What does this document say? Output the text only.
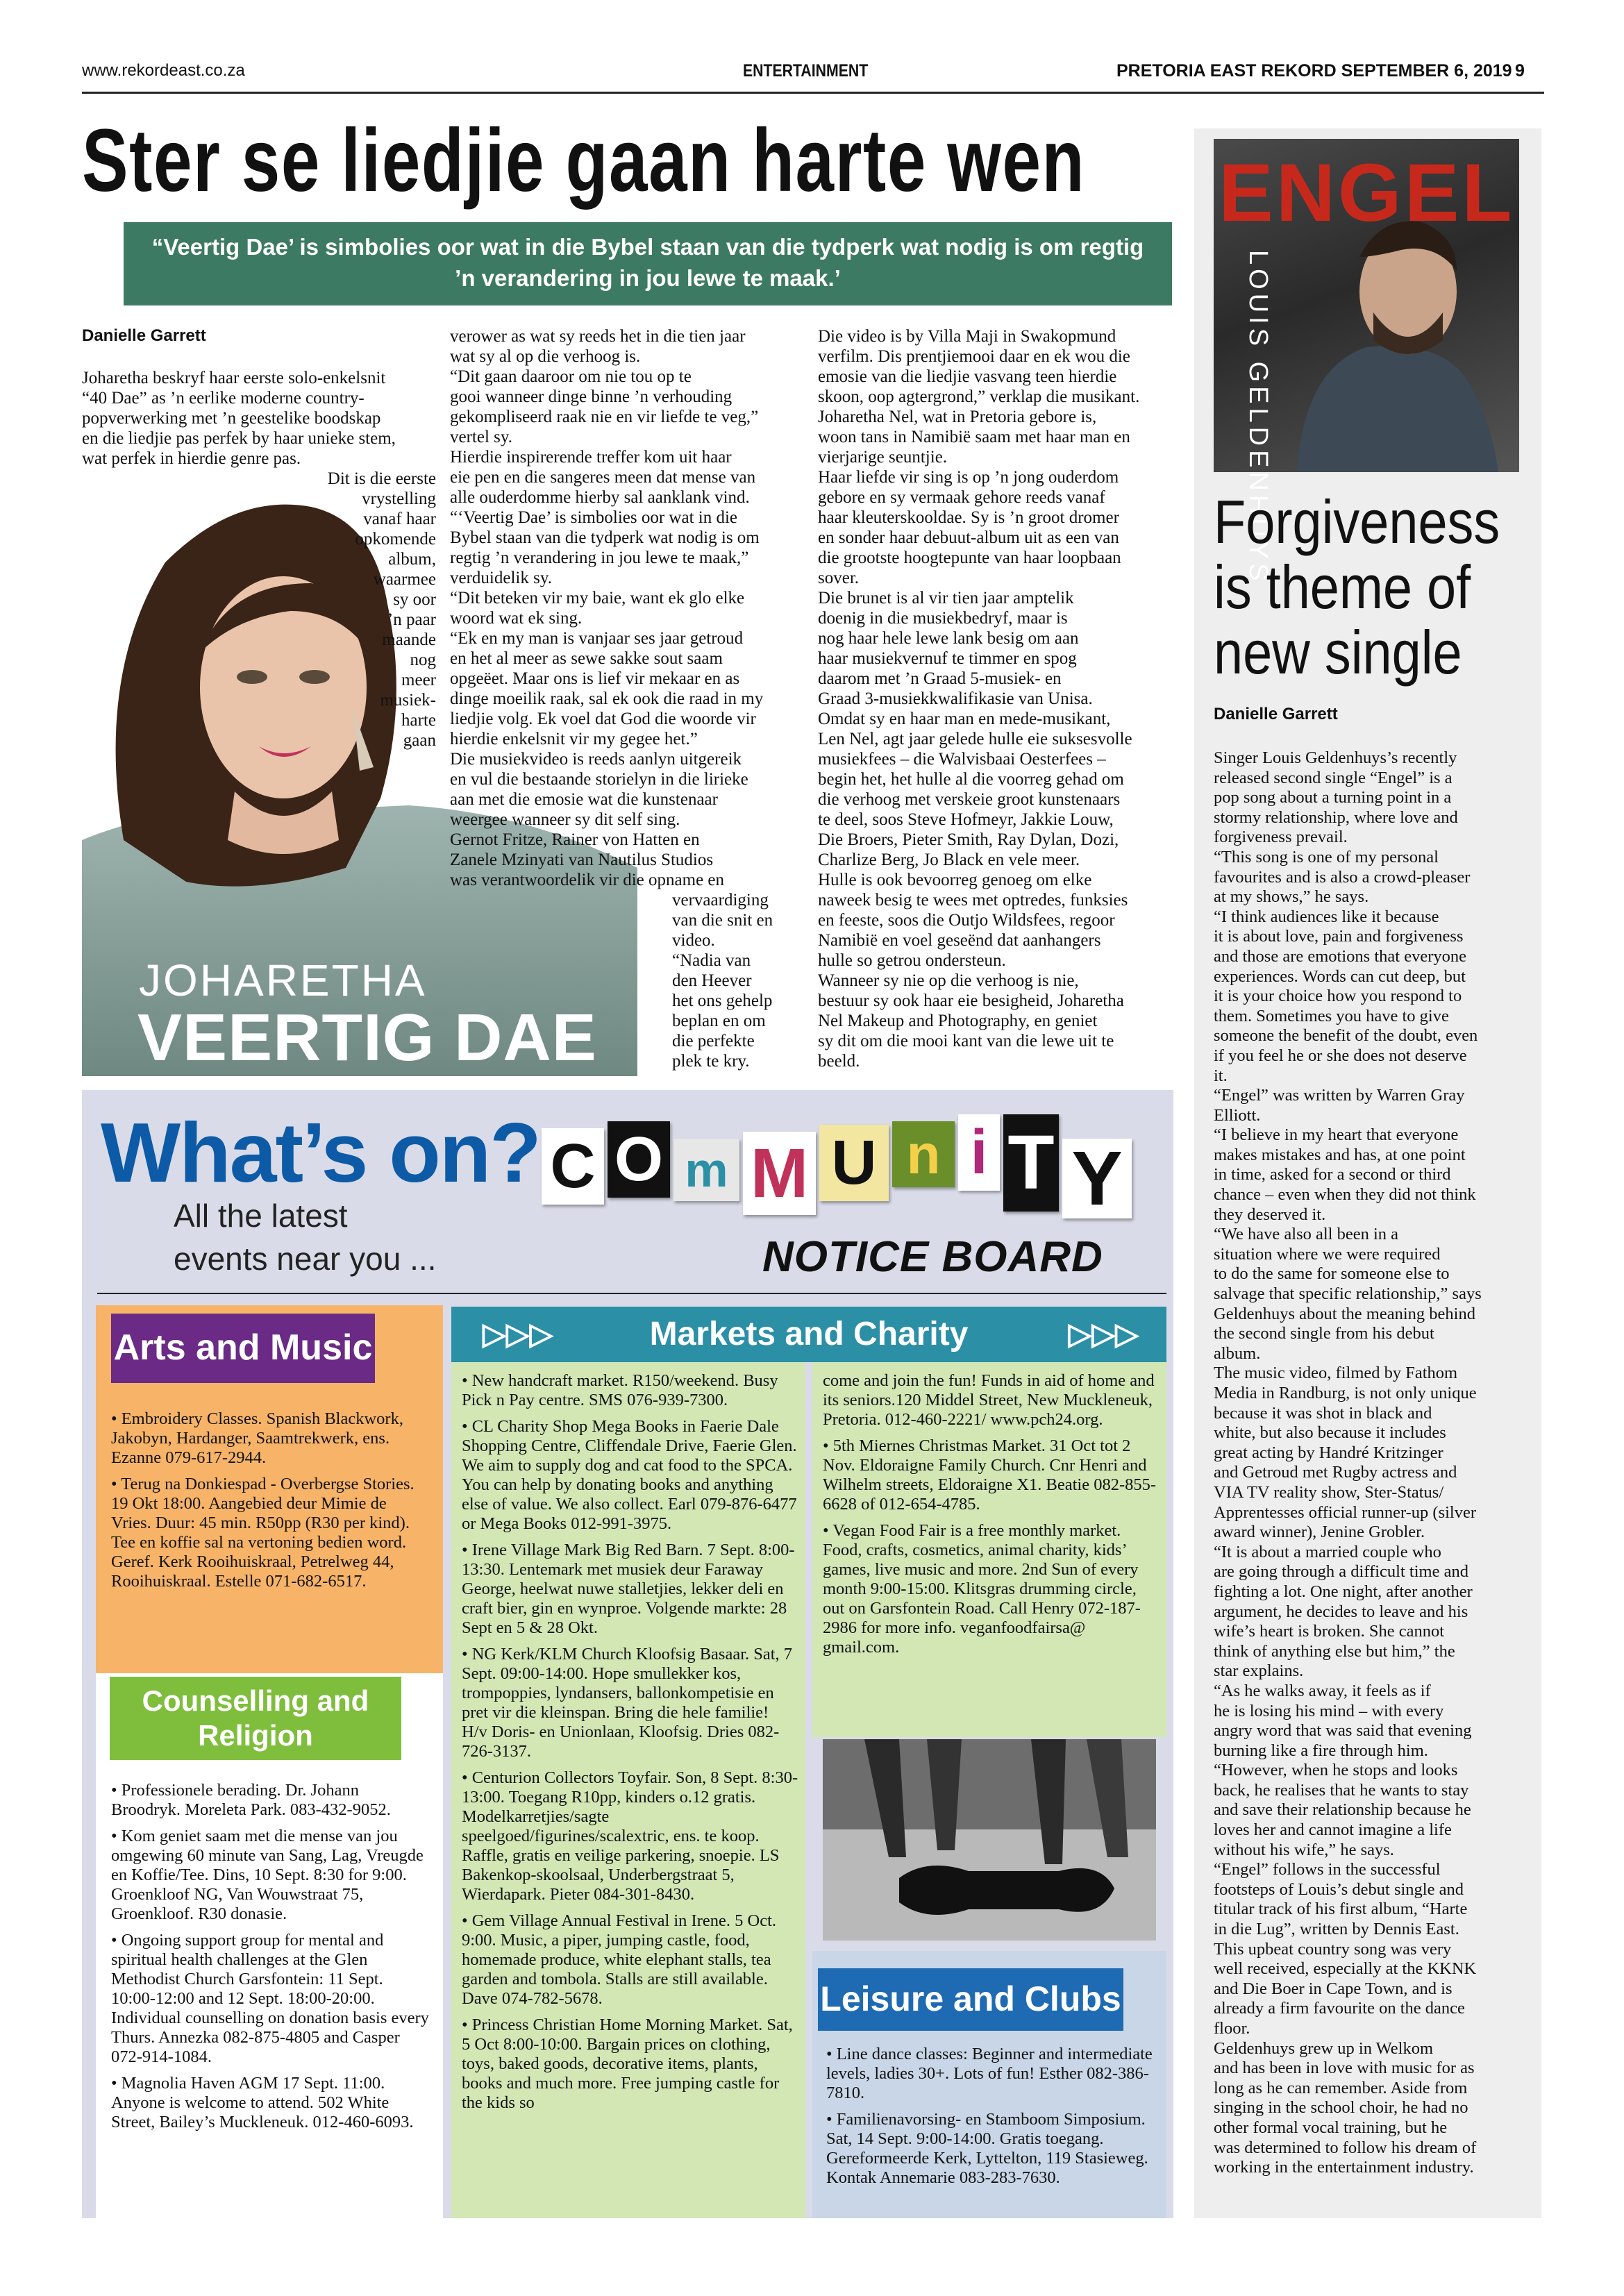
www.rekordeast.co.za	ENTERTAINMENT	PRETORIA EAST REKORD SEPTEMBER 6, 2019 9
Ster se liedjie gaan harte wen
“Veertig Dae’ is simbolies oor wat in die Bybel staan van die tydperk wat nodig is om regtig
’n verandering in jou lewe te maak.’
Danielle Garrett
JOHARETHA
VEERTIG DAE
Joharetha beskryf haar eerste solo-enkelsnit
“40 Dae” as ’n eerlike moderne country-
popverwerking met ’n geestelike boodskap
en die liedjie pas perfek by haar unieke stem,
wat perfek in hierdie genre pas.
Dit is die eerste
vrystelling
vanaf haar
opkomende
album,
waarmee
sy oor
’n paar
maande
nog
meer
musiek-
harte
gaan
verower as wat sy reeds het in die tien jaar
wat sy al op die verhoog is.
“Dit gaan daaroor om nie tou op te
gooi wanneer dinge binne ’n verhouding
gekompliseerd raak nie en vir liefde te veg,”
vertel sy.
Hierdie inspirerende treffer kom uit haar
eie pen en die sangeres meen dat mense van
alle ouderdomme hierby sal aanklank vind.
“‘Veertig Dae’ is simbolies oor wat in die
Bybel staan van die tydperk wat nodig is om
regtig ’n verandering in jou lewe te maak,”
verduidelik sy.
“Dit beteken vir my baie, want ek glo elke
woord wat ek sing.
“Ek en my man is vanjaar ses jaar getroud
en het al meer as sewe sakke sout saam
opgeëet. Maar ons is lief vir mekaar en as
dinge moeilik raak, sal ek ook die raad in my
liedjie volg. Ek voel dat God die woorde vir
hierdie enkelsnit vir my gegee het.”
Die musiekvideo is reeds aanlyn uitgereik
en vul die bestaande storielyn in die lirieke
aan met die emosie wat die kunstenaar
weergee wanneer sy dit self sing.
Gernot Fritze, Rainer von Hatten en
Zanele Mzinyati van Nautilus Studios
was verantwoordelik vir die opname en
vervaardiging
van die snit en
video.
“Nadia van
den Heever
het ons gehelp
beplan en om
die perfekte
plek te kry.
Die video is by Villa Maji in Swakopmund
verfilm. Dis prentjiemooi daar en ek wou die
emosie van die liedjie vasvang teen hierdie
skoon, oop agtergrond,” verklap die musikant.
Joharetha Nel, wat in Pretoria gebore is,
woon tans in Namibië saam met haar man en
vierjarige seuntjie.
Haar liefde vir sing is op ’n jong ouderdom
gebore en sy vermaak gehore reeds vanaf
haar kleuterskooldae. Sy is ’n groot dromer
en sonder haar debuut-album uit as een van
die grootste hoogtepunte van haar loopbaan
sover.
Die brunet is al vir tien jaar amptelik
doenig in die musiekbedryf, maar is
nog haar hele lewe lank besig om aan
haar musiekvernuf te timmer en spog
daarom met ’n Graad 5-musiek- en
Graad 3-musiekkwalifikasie van Unisa.
Omdat sy en haar man en mede-musikant,
Len Nel, agt jaar gelede hulle eie suksesvolle
musiekfees – die Walvisbaai Oesterfees –
begin het, het hulle al die voorreg gehad om
die verhoog met verskeie groot kunstenaars
te deel, soos Steve Hofmeyr, Jakkie Louw,
Die Broers, Pieter Smith, Ray Dylan, Dozi,
Charlize Berg, Jo Black en vele meer.
Hulle is ook bevoorreg genoeg om elke
naweek besig te wees met optredes, funksies
en feeste, soos die Outjo Wildsfees, regoor
Namibië en voel geseënd dat aanhangers
hulle so getrou ondersteun.
Wanneer sy nie op die verhoog is nie,
bestuur sy ook haar eie besigheid, Joharetha
Nel Makeup and Photography, en geniet
sy dit om die mooi kant van die lewe uit te
beeld.
ENGEL
LOUIS GELDENHUYS
Forgiveness
is theme of
new single
Danielle Garrett
Singer Louis Geldenhuys’s recently
released second single “Engel” is a
pop song about a turning point in a
stormy relationship, where love and
forgiveness prevail.
“This song is one of my personal
favourites and is also a crowd-pleaser
at my shows,” he says.
“I think audiences like it because
it is about love, pain and forgiveness
and those are emotions that everyone
experiences. Words can cut deep, but
it is your choice how you respond to
them. Sometimes you have to give
someone the benefit of the doubt, even
if you feel he or she does not deserve
it.
“Engel” was written by Warren Gray
Elliott.
“I believe in my heart that everyone
makes mistakes and has, at one point
in time, asked for a second or third
chance – even when they did not think
they deserved it.
“We have also all been in a
situation where we were required
to do the same for someone else to
salvage that specific relationship,” says
Geldenhuys about the meaning behind
the second single from his debut
album.
The music video, filmed by Fathom
Media in Randburg, is not only unique
because it was shot in black and
white, but also because it includes
great acting by Handré Kritzinger
and Getroud met Rugby actress and
VIA TV reality show, Ster-Status/
Apprentesses official runner-up (silver
award winner), Jenine Grobler.
“It is about a married couple who
are going through a difficult time and
fighting a lot. One night, after another
argument, he decides to leave and his
wife’s heart is broken. She cannot
think of anything else but him,” the
star explains.
“As he walks away, it feels as if
he is losing his mind – with every
angry word that was said that evening
burning like a fire through him.
“However, when he stops and looks
back, he realises that he wants to stay
and save their relationship because he
loves her and cannot imagine a life
without his wife,” he says.
“Engel” follows in the successful
footsteps of Louis’s debut single and
titular track of his first album, “Harte
in die Lug”, written by Dennis East.
This upbeat country song was very
well received, especially at the KKNK
and Die Boer in Cape Town, and is
already a firm favourite on the dance
floor.
Geldenhuys grew up in Welkom
and has been in love with music for as
long as he can remember. Aside from
singing in the school choir, he had no
other formal vocal training, but he
was determined to follow his dream of
working in the entertainment industry.
What’s on?
All the latest
events near you ...
C O m M U n i T Y
NOTICE BOARD
Arts and Music

• Embroidery Classes. Spanish Blackwork, Jakobyn, Hardanger, Saamtrekwerk, ens. Ezanne 079-617-2944.

• Terug na Donkiespad - Overbergse Stories. 19 Okt 18:00. Aangebied deur Mimie de Vries. Duur: 45 min. R50pp (R30 per kind). Tee en koffie sal na vertoning bedien word. Geref. Kerk Rooihuiskraal, Petrelweg 44, Rooihuiskraal. Estelle 071-682-6517.

Counselling and
Religion

• Professionele berading. Dr. Johann Broodryk. Moreleta Park. 083-432-9052.

• Kom geniet saam met die mense van jou omgewing 60 minute van Sang, Lag, Vreugde en Koffie/Tee. Dins, 10 Sept. 8:30 for 9:00. Groenkloof NG, Van Wouwstraat 75, Groenkloof. R30 donasie.

• Ongoing support group for mental and spiritual health challenges at the Glen Methodist Church Garsfontein: 11 Sept. 10:00-12:00 and 12 Sept. 18:00-20:00. Individual counselling on donation basis every Thurs. Annezka 082-875-4805 and Casper 072-914-1084.

• Magnolia Haven AGM 17 Sept. 11:00. Anyone is welcome to attend. 502 White Street, Bailey’s Muckleneuk. 012-460-6093.

▷▷▷	Markets and Charity	▷▷▷

• New handcraft market. R150/weekend. Busy Pick n Pay centre. SMS 076-939-7300.

• CL Charity Shop Mega Books in Faerie Dale Shopping Centre, Cliffendale Drive, Faerie Glen. We aim to supply dog and cat food to the SPCA. You can help by donating books and anything else of value. We also collect. Earl 079-876-6477 or Mega Books 012-991-3975.

• Irene Village Mark Big Red Barn. 7 Sept. 8:00-13:30. Lentemark met musiek deur Faraway George, heelwat nuwe stalletjies, lekker deli en craft bier, gin en wynproe. Volgende markte: 28 Sept en 5 & 28 Okt.

• NG Kerk/KLM Church Kloofsig Basaar. Sat, 7 Sept. 09:00-14:00. Hope smullekker kos, trompoppies, lyndansers, ballonkompetisie en pret vir die kleinspan. Bring die hele familie! H/v Doris- en Unionlaan, Kloofsig. Dries 082-726-3137.

• Centurion Collectors Toyfair. Son, 8 Sept. 8:30-13:00. Toegang R10pp, kinders o.12 gratis. Modelkarretjies/sagte speelgoed/figurines/scalextric, ens. te koop. Raffle, gratis en veilige parkering, snoepie. LS Bakenkop-skoolsaal, Underbergstraat 5, Wierdapark. Pieter 084-301-8430.

• Gem Village Annual Festival in Irene. 5 Oct. 9:00. Music, a piper, jumping castle, food, homemade produce, white elephant stalls, tea garden and tombola. Stalls are still available. Dave 074-782-5678.

• Princess Christian Home Morning Market. Sat, 5 Oct 8:00-10:00. Bargain prices on clothing, toys, baked goods, decorative items, plants, books and much more. Free jumping castle for the kids so

come and join the fun! Funds in aid of home and its seniors.120 Middel Street, New Muckleneuk, Pretoria. 012-460-2221/ www.pch24.org.

• 5th Miernes Christmas Market. 31 Oct tot 2 Nov. Eldoraigne Family Church. Cnr Henri and Wilhelm streets, Eldoraigne X1. Beatie 082-855-6628 of 012-654-4785.

• Vegan Food Fair is a free monthly market. Food, crafts, cosmetics, animal charity, kids’ games, live music and more. 2nd Sun of every month 9:00-15:00. Klitsgras drumming circle, out on Garsfontein Road. Call Henry 072-187-2986 for more info. veganfoodfairsa@ gmail.com.

Leisure and Clubs

• Line dance classes: Beginner and intermediate levels, ladies 30+. Lots of fun! Esther 082-386-7810.

• Familienavorsing- en Stamboom Simposium. Sat, 14 Sept. 9:00-14:00. Gratis toegang. Gereformeerde Kerk, Lyttelton, 119 Stasieweg. Kontak Annemarie 083-283-7630.
